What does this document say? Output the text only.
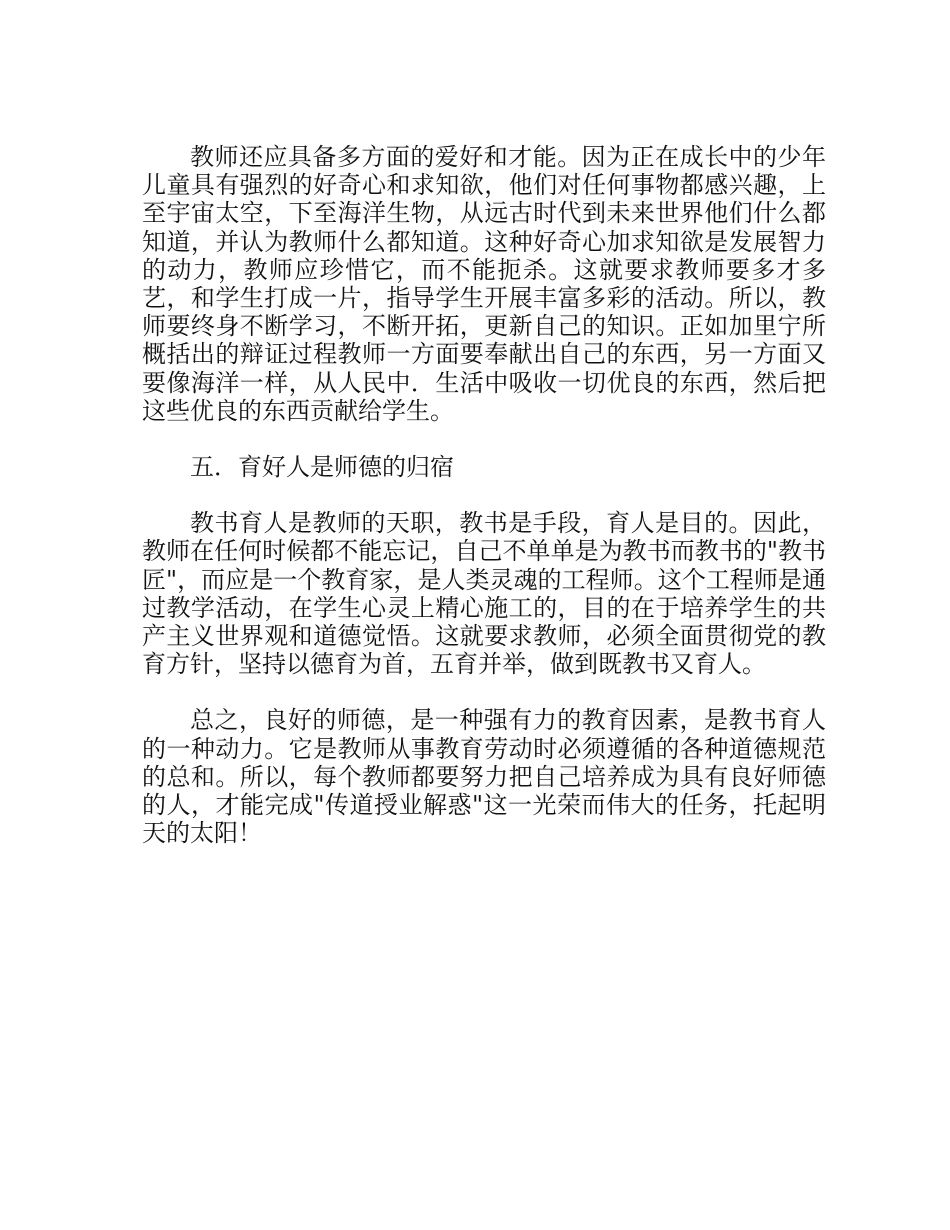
教师还应具备多方面的爱好和才能。因为正在成长中的少年儿童具有强烈的好奇心和求知欲，他们对任何事物都感兴趣，上至宇宙太空，下至海洋生物，从远古时代到未来世界他们什么都知道，并认为教师什么都知道。这种好奇心加求知欲是发展智力的动力，教师应珍惜它，而不能扼杀。这就要求教师要多才多艺，和学生打成一片，指导学生开展丰富多彩的活动。所以，教师要终身不断学习，不断开拓，更新自己的知识。正如加里宁所概括出的辩证过程教师一方面要奉献出自己的东西，另一方面又要像海洋一样，从人民中．生活中吸收一切优良的东西，然后把这些优良的东西贡献给学生。

五．育好人是师德的归宿

教书育人是教师的天职，教书是手段，育人是目的。因此，教师在任何时候都不能忘记，自己不单单是为教书而教书的"教书匠"，而应是一个教育家，是人类灵魂的工程师。这个工程师是通过教学活动，在学生心灵上精心施工的，目的在于培养学生的共产主义世界观和道德觉悟。这就要求教师，必须全面贯彻党的教育方针，坚持以德育为首，五育并举，做到既教书又育人。

总之，良好的师德，是一种强有力的教育因素，是教书育人的一种动力。它是教师从事教育劳动时必须遵循的各种道德规范的总和。所以，每个教师都要努力把自己培养成为具有良好师德的人，才能完成"传道授业解惑"这一光荣而伟大的任务，托起明天的太阳！
